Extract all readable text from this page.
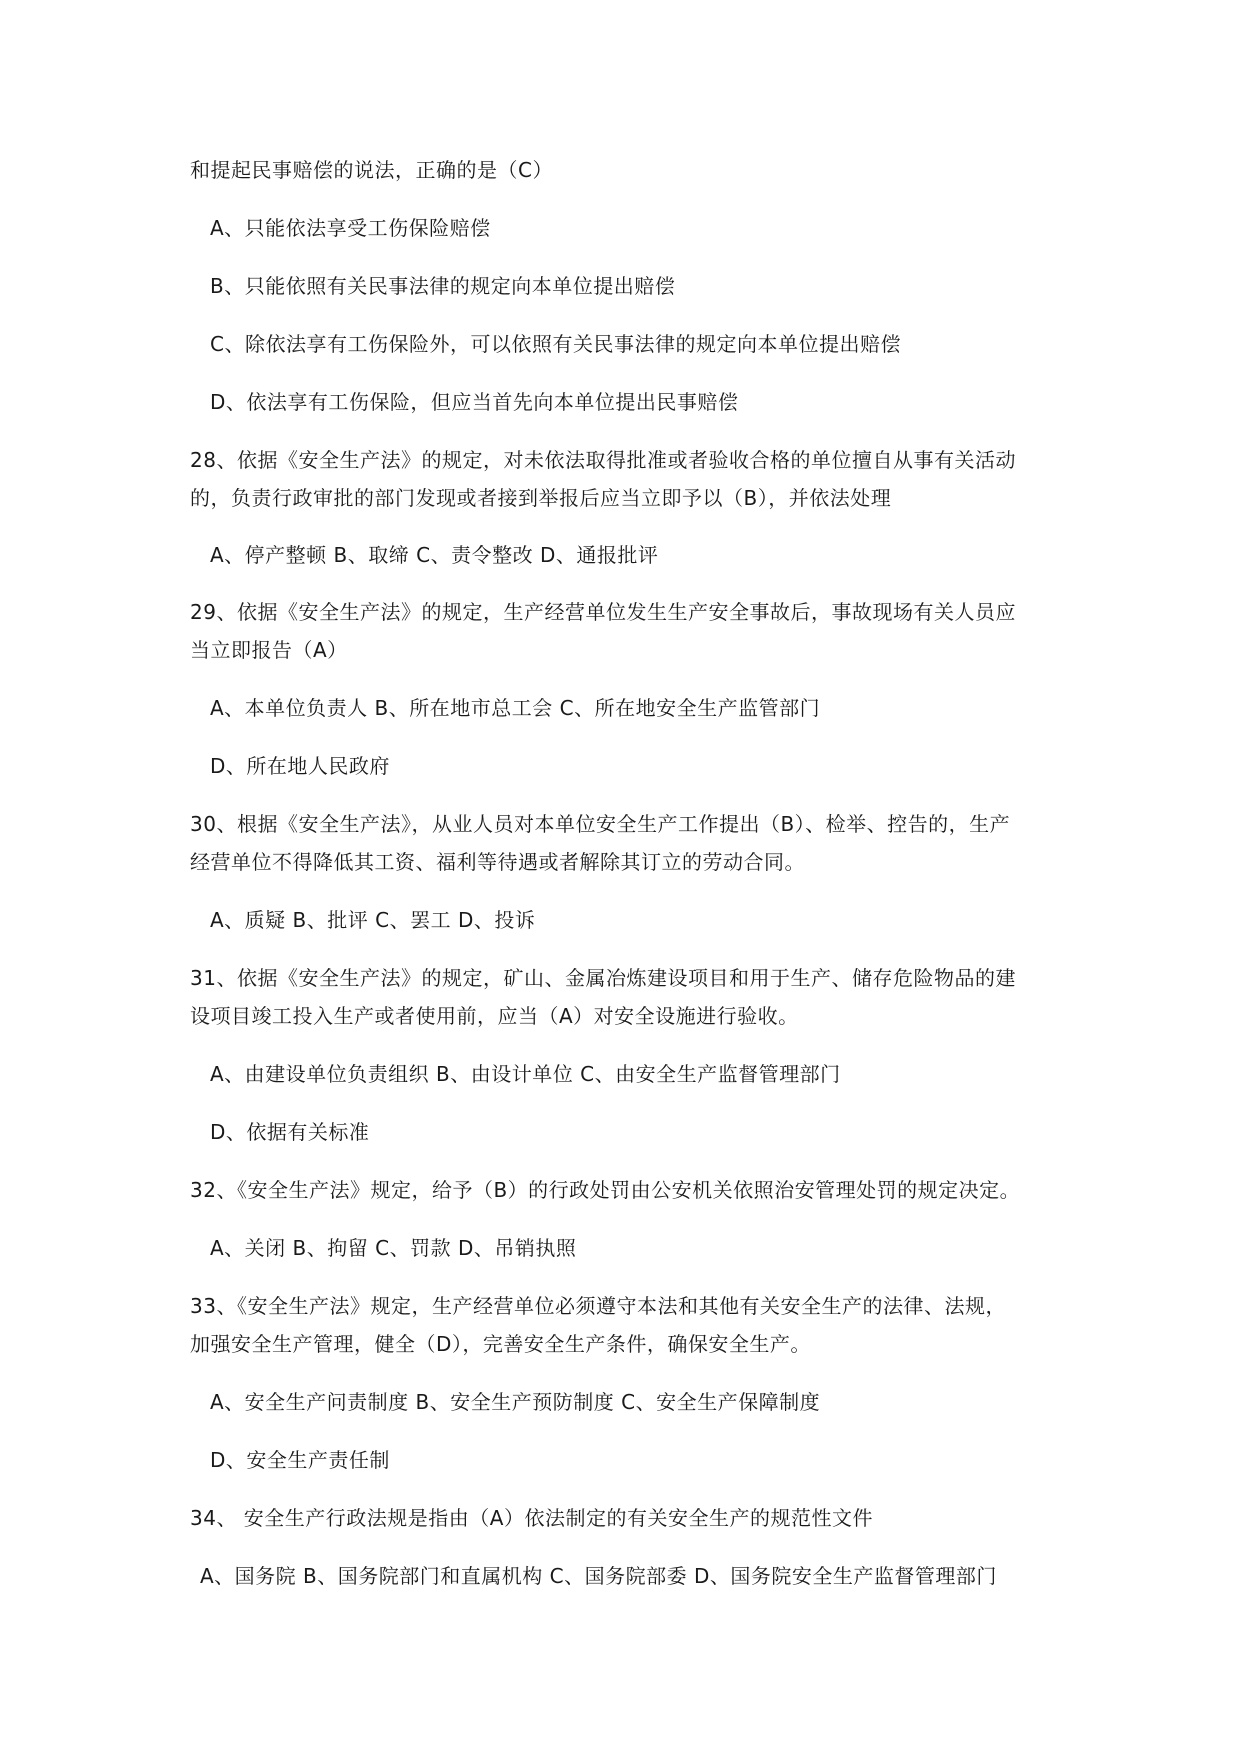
和提起民事赔偿的说法，正确的是（C）
A、只能依法享受工伤保险赔偿
B、只能依照有关民事法律的规定向本单位提出赔偿
C、除依法享有工伤保险外，可以依照有关民事法律的规定向本单位提出赔偿
D、依法享有工伤保险，但应当首先向本单位提出民事赔偿
28、依据《安全生产法》的规定，对未依法取得批准或者验收合格的单位擅自从事有关活动
的，负责行政审批的部门发现或者接到举报后应当立即予以（B），并依法处理
A、停产整顿 B、取缔 C、责令整改 D、通报批评
29、依据《安全生产法》的规定，生产经营单位发生生产安全事故后，事故现场有关人员应
当立即报告（A）
A、本单位负责人 B、所在地市总工会 C、所在地安全生产监管部门
D、所在地人民政府
30、根据《安全生产法》，从业人员对本单位安全生产工作提出（B）、检举、控告的，生产
经营单位不得降低其工资、福利等待遇或者解除其订立的劳动合同。
A、质疑 B、批评 C、罢工 D、投诉
31、依据《安全生产法》的规定，矿山、金属冶炼建设项目和用于生产、储存危险物品的建
设项目竣工投入生产或者使用前，应当（A）对安全设施进行验收。
A、由建设单位负责组织 B、由设计单位 C、由安全生产监督管理部门
D、依据有关标准
32、《安全生产法》规定，给予（B）的行政处罚由公安机关依照治安管理处罚的规定决定。
A、关闭 B、拘留 C、罚款 D、吊销执照
33、《安全生产法》规定，生产经营单位必须遵守本法和其他有关安全生产的法律、法规，
加强安全生产管理，健全（D），完善安全生产条件，确保安全生产。
A、安全生产问责制度 B、安全生产预防制度 C、安全生产保障制度
D、安全生产责任制
34、 安全生产行政法规是指由（A）依法制定的有关安全生产的规范性文件
A、国务院 B、国务院部门和直属机构 C、国务院部委 D、国务院安全生产监督管理部门
